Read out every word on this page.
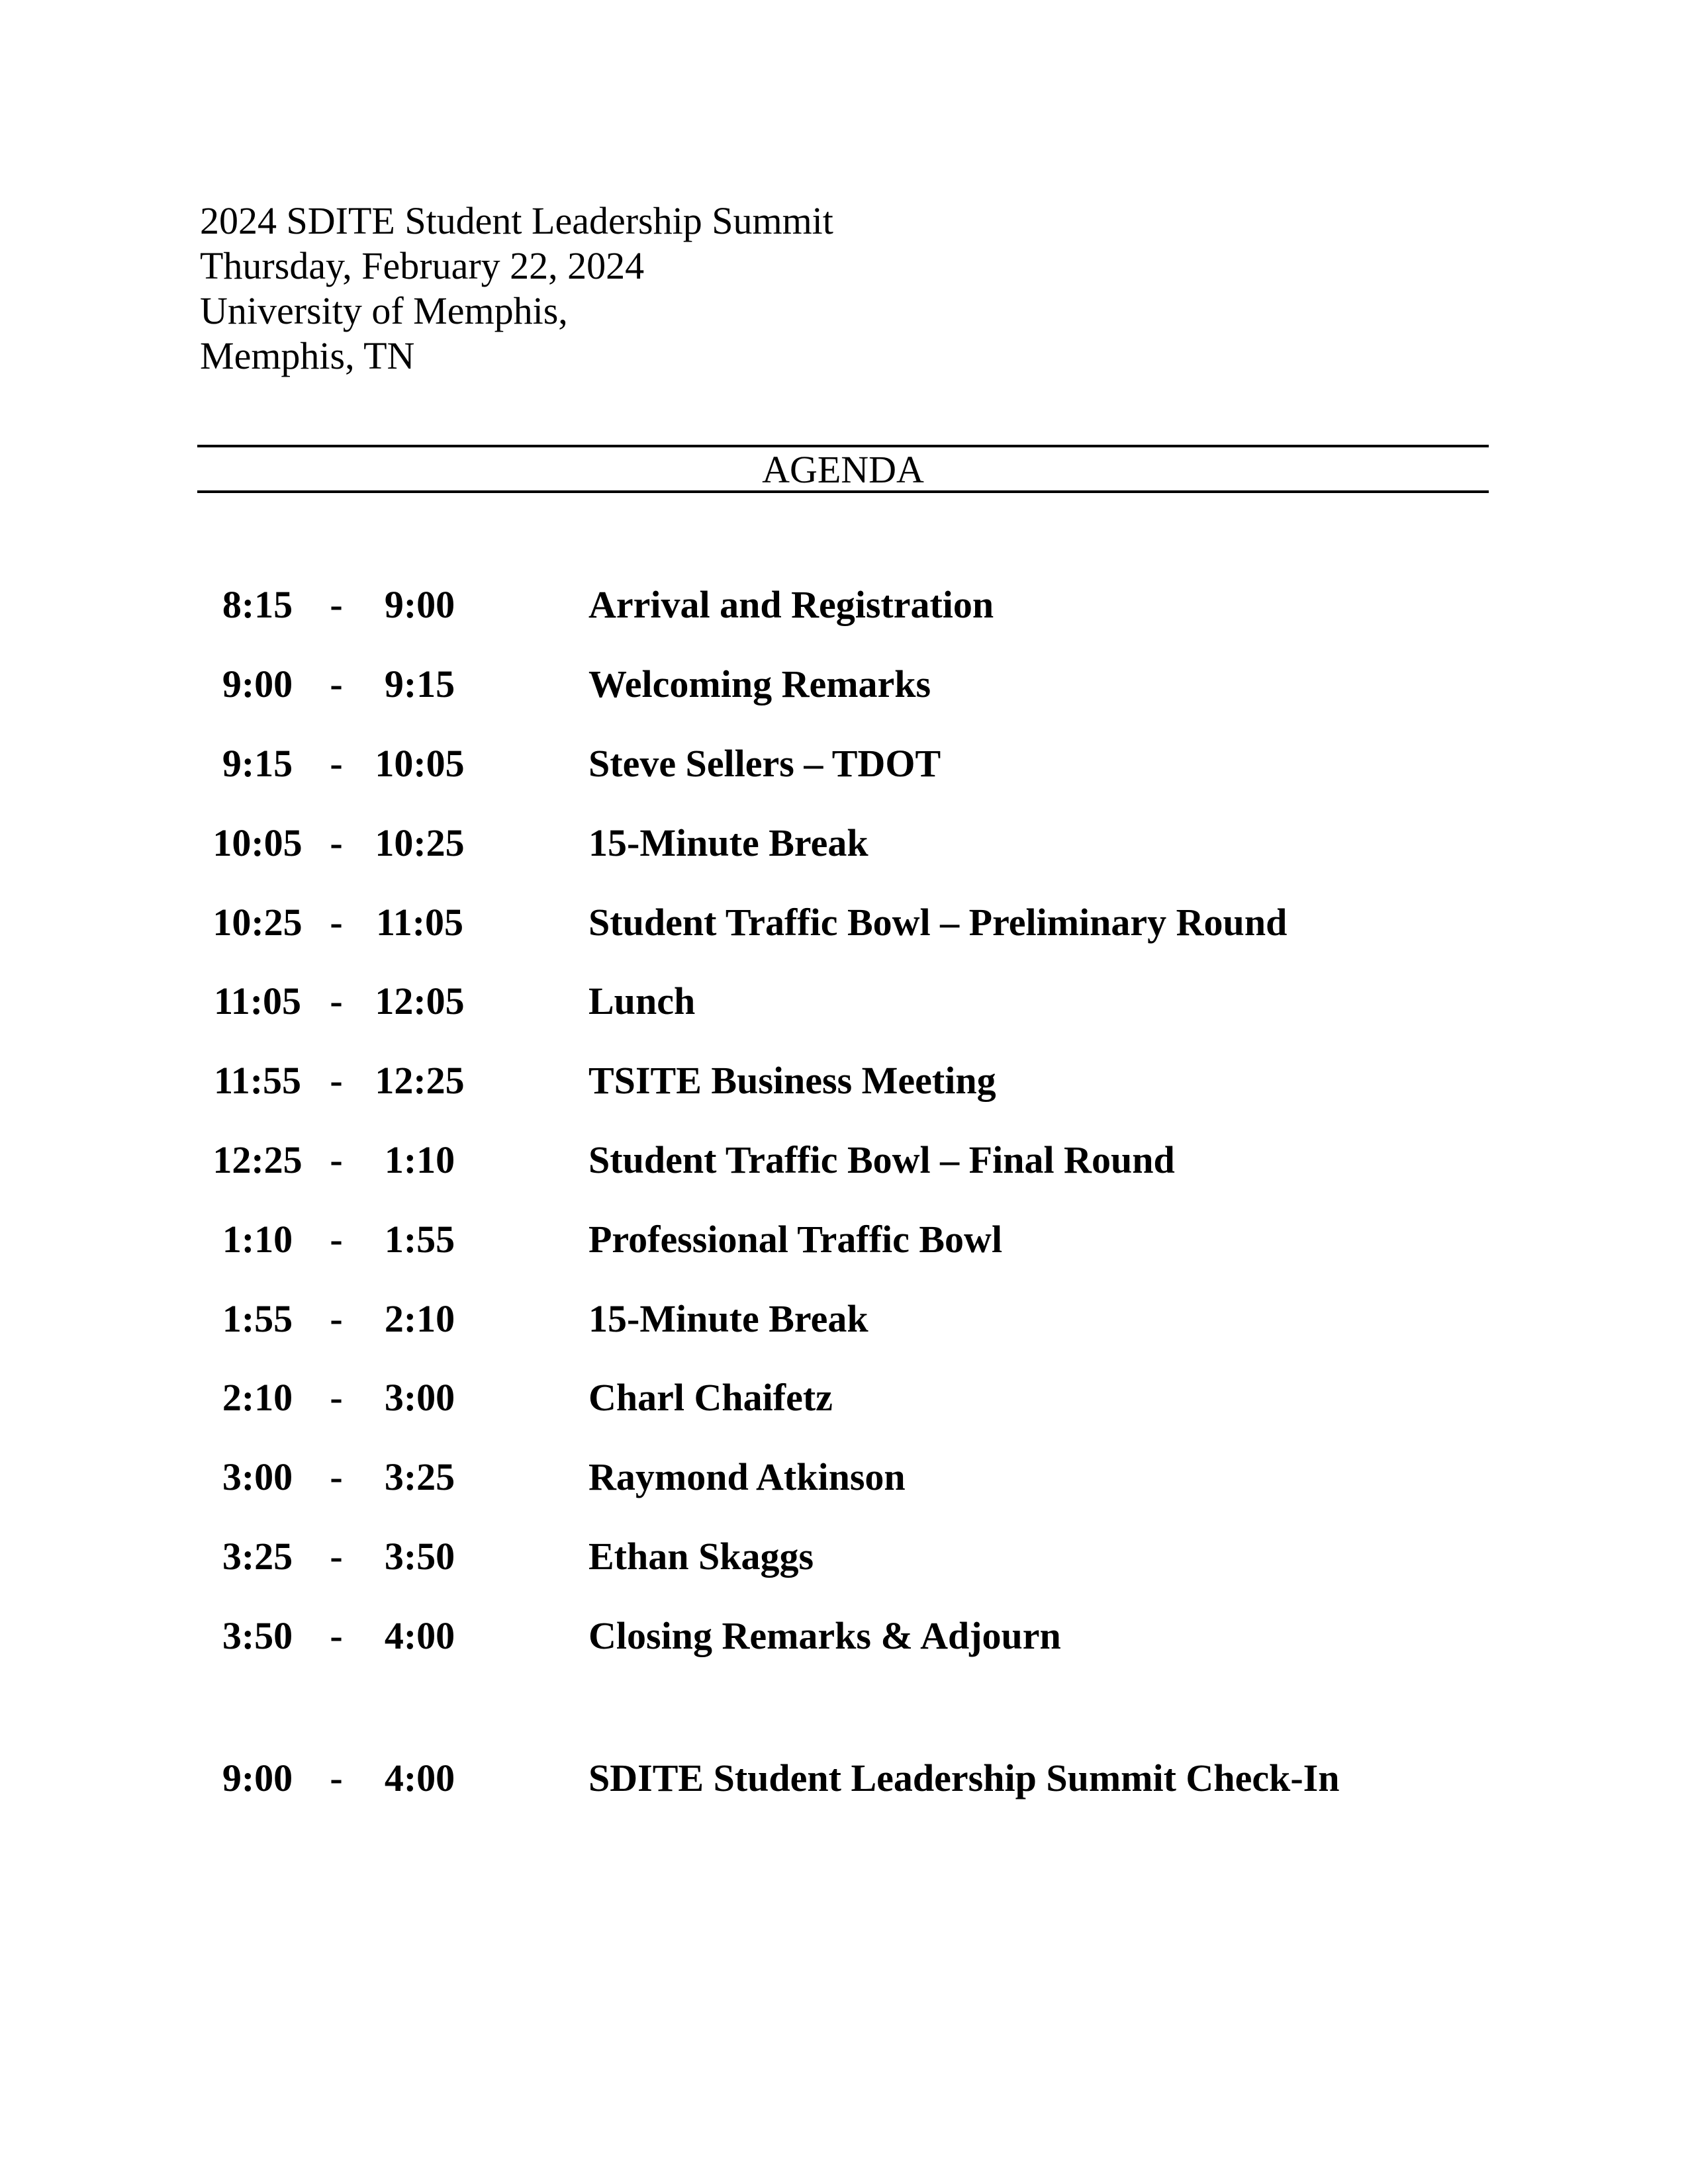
2024 SDITE Student Leadership Summit
Thursday, February 22, 2024
University of Memphis,
Memphis, TN
AGENDA
8:15 -	9:00	Arrival and Registration
9:00 -	9:15	Welcoming Remarks
9:15 - 10:05	Steve Sellers – TDOT
10:05 - 10:25	15-Minute Break
10:25 - 11:05	Student Traffic Bowl – Preliminary Round
11:05 - 12:05	Lunch
11:55 - 12:25	TSITE Business Meeting
12:25 -	1:10	Student Traffic Bowl – Final Round
1:10 -	1:55	Professional Traffic Bowl
1:55 -	2:10	15-Minute Break
2:10 -	3:00	Charl Chaifetz
3:00 -	3:25	Raymond Atkinson
3:25 -	3:50	Ethan Skaggs
3:50 -	4:00	Closing Remarks & Adjourn
9:00 -	4:00	SDITE Student Leadership Summit Check-In
